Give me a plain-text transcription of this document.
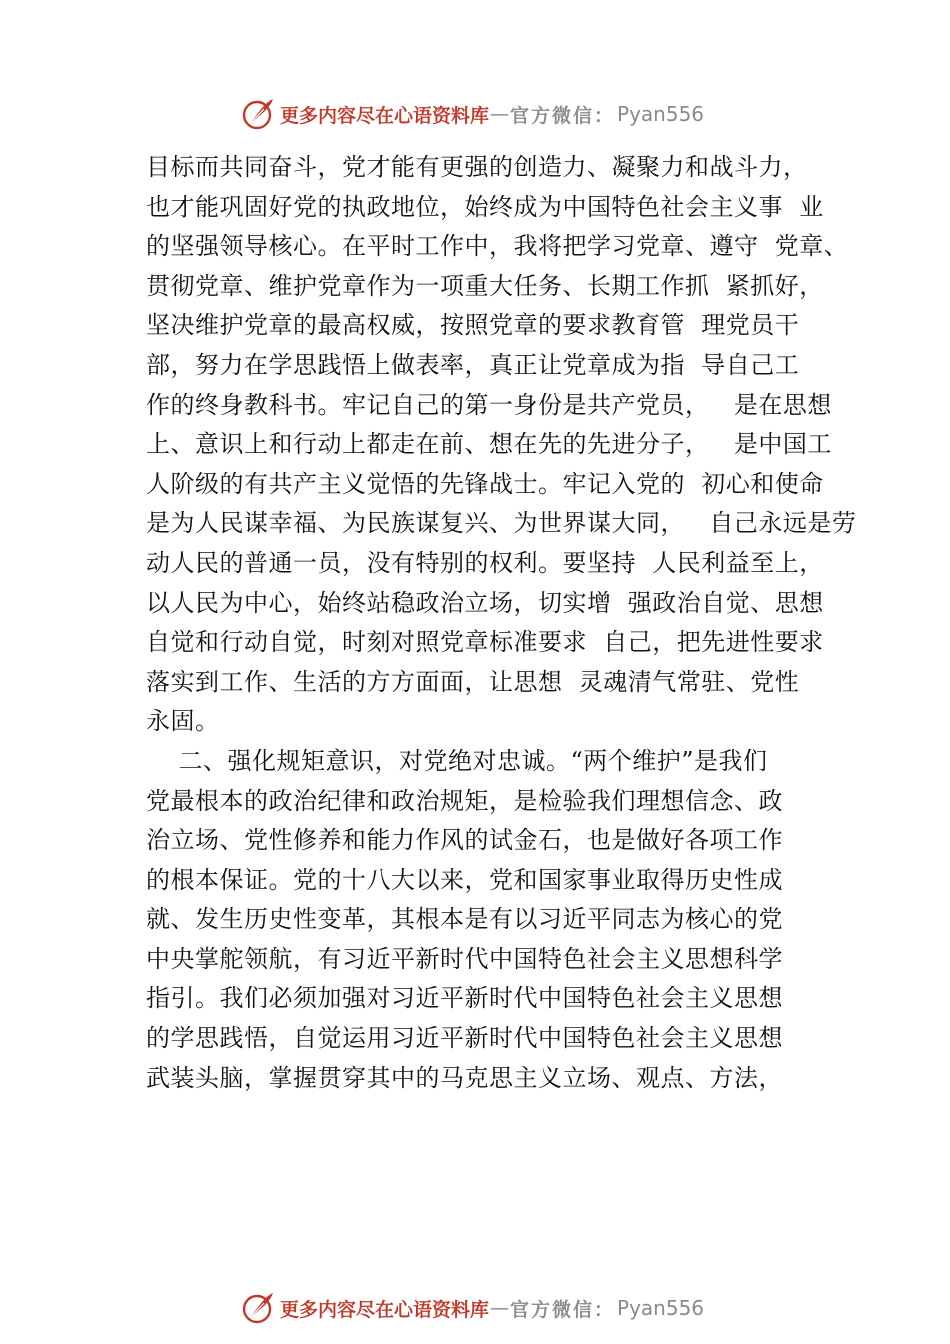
更多内容尽在心语资料库 — 官方微信： Pyan556
目标而共同奋斗，党才能有更强的创造力、凝聚力和战斗力，
也才能巩固好党的执政地位，始终成为中国特色社会主义事  业
的坚强领导核心。在平时工作中，我将把学习党章、遵守  党章、
贯彻党章、维护党章作为一项重大任务、长期工作抓  紧抓好，
坚决维护党章的最高权威，按照党章的要求教育管  理党员干
部，努力在学思践悟上做表率，真正让党章成为指  导自己工
作的终身教科书。牢记自己的第一身份是共产党员，   是在思想
上、意识上和行动上都走在前、想在先的先进分子，   是中国工
人阶级的有共产主义觉悟的先锋战士。牢记入党的  初心和使命
是为人民谋幸福、为民族谋复兴、为世界谋大同，   自己永远是劳
动人民的普通一员，没有特别的权利。要坚持  人民利益至上，
以人民为中心，始终站稳政治立场，切实增  强政治自觉、思想
自觉和行动自觉，时刻对照党章标准要求  自己，把先进性要求
落实到工作、生活的方方面面，让思想  灵魂清气常驻、党性
永固。
二、强化规矩意识，对党绝对忠诚。“两个维护”是我们
党最根本的政治纪律和政治规矩，是检验我们理想信念、政
治立场、党性修养和能力作风的试金石，也是做好各项工作
的根本保证。党的十八大以来，党和国家事业取得历史性成
就、发生历史性变革，其根本是有以习近平同志为核心的党
中央掌舵领航，有习近平新时代中国特色社会主义思想科学
指引。我们必须加强对习近平新时代中国特色社会主义思想
的学思践悟，自觉运用习近平新时代中国特色社会主义思想
武装头脑，掌握贯穿其中的马克思主义立场、观点、方法，
更多内容尽在心语资料库 — 官方微信： Pyan556
